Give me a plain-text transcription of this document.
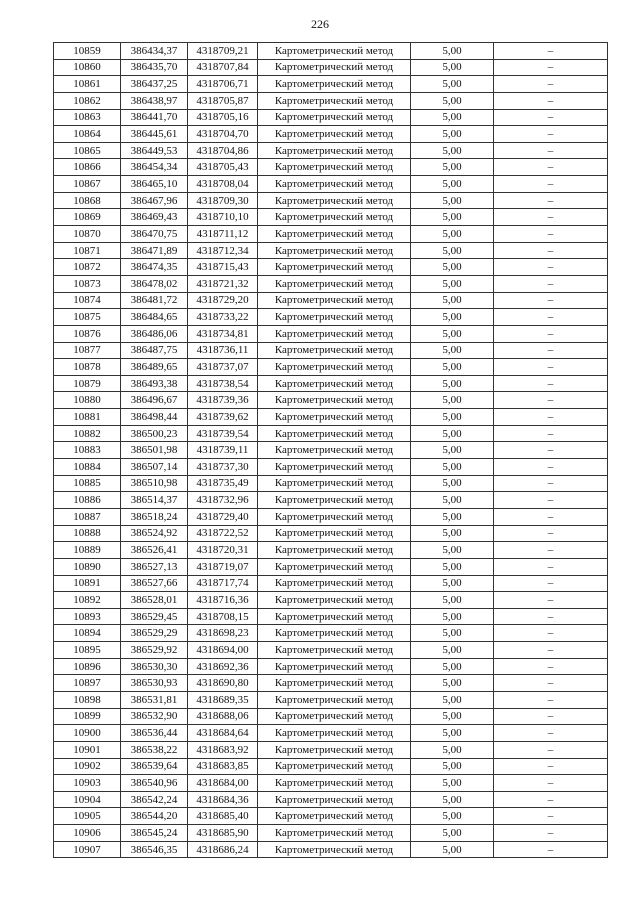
226
10859	386434,37	4318709,21	Картометрический метод	5,00	–
10860	386435,70	4318707,84	Картометрический метод	5,00	–
10861	386437,25	4318706,71	Картометрический метод	5,00	–
10862	386438,97	4318705,87	Картометрический метод	5,00	–
10863	386441,70	4318705,16	Картометрический метод	5,00	–
10864	386445,61	4318704,70	Картометрический метод	5,00	–
10865	386449,53	4318704,86	Картометрический метод	5,00	–
10866	386454,34	4318705,43	Картометрический метод	5,00	–
10867	386465,10	4318708,04	Картометрический метод	5,00	–
10868	386467,96	4318709,30	Картометрический метод	5,00	–
10869	386469,43	4318710,10	Картометрический метод	5,00	–
10870	386470,75	4318711,12	Картометрический метод	5,00	–
10871	386471,89	4318712,34	Картометрический метод	5,00	–
10872	386474,35	4318715,43	Картометрический метод	5,00	–
10873	386478,02	4318721,32	Картометрический метод	5,00	–
10874	386481,72	4318729,20	Картометрический метод	5,00	–
10875	386484,65	4318733,22	Картометрический метод	5,00	–
10876	386486,06	4318734,81	Картометрический метод	5,00	–
10877	386487,75	4318736,11	Картометрический метод	5,00	–
10878	386489,65	4318737,07	Картометрический метод	5,00	–
10879	386493,38	4318738,54	Картометрический метод	5,00	–
10880	386496,67	4318739,36	Картометрический метод	5,00	–
10881	386498,44	4318739,62	Картометрический метод	5,00	–
10882	386500,23	4318739,54	Картометрический метод	5,00	–
10883	386501,98	4318739,11	Картометрический метод	5,00	–
10884	386507,14	4318737,30	Картометрический метод	5,00	–
10885	386510,98	4318735,49	Картометрический метод	5,00	–
10886	386514,37	4318732,96	Картометрический метод	5,00	–
10887	386518,24	4318729,40	Картометрический метод	5,00	–
10888	386524,92	4318722,52	Картометрический метод	5,00	–
10889	386526,41	4318720,31	Картометрический метод	5,00	–
10890	386527,13	4318719,07	Картометрический метод	5,00	–
10891	386527,66	4318717,74	Картометрический метод	5,00	–
10892	386528,01	4318716,36	Картометрический метод	5,00	–
10893	386529,45	4318708,15	Картометрический метод	5,00	–
10894	386529,29	4318698,23	Картометрический метод	5,00	–
10895	386529,92	4318694,00	Картометрический метод	5,00	–
10896	386530,30	4318692,36	Картометрический метод	5,00	–
10897	386530,93	4318690,80	Картометрический метод	5,00	–
10898	386531,81	4318689,35	Картометрический метод	5,00	–
10899	386532,90	4318688,06	Картометрический метод	5,00	–
10900	386536,44	4318684,64	Картометрический метод	5,00	–
10901	386538,22	4318683,92	Картометрический метод	5,00	–
10902	386539,64	4318683,85	Картометрический метод	5,00	–
10903	386540,96	4318684,00	Картометрический метод	5,00	–
10904	386542,24	4318684,36	Картометрический метод	5,00	–
10905	386544,20	4318685,40	Картометрический метод	5,00	–
10906	386545,24	4318685,90	Картометрический метод	5,00	–
10907	386546,35	4318686,24	Картометрический метод	5,00	–
